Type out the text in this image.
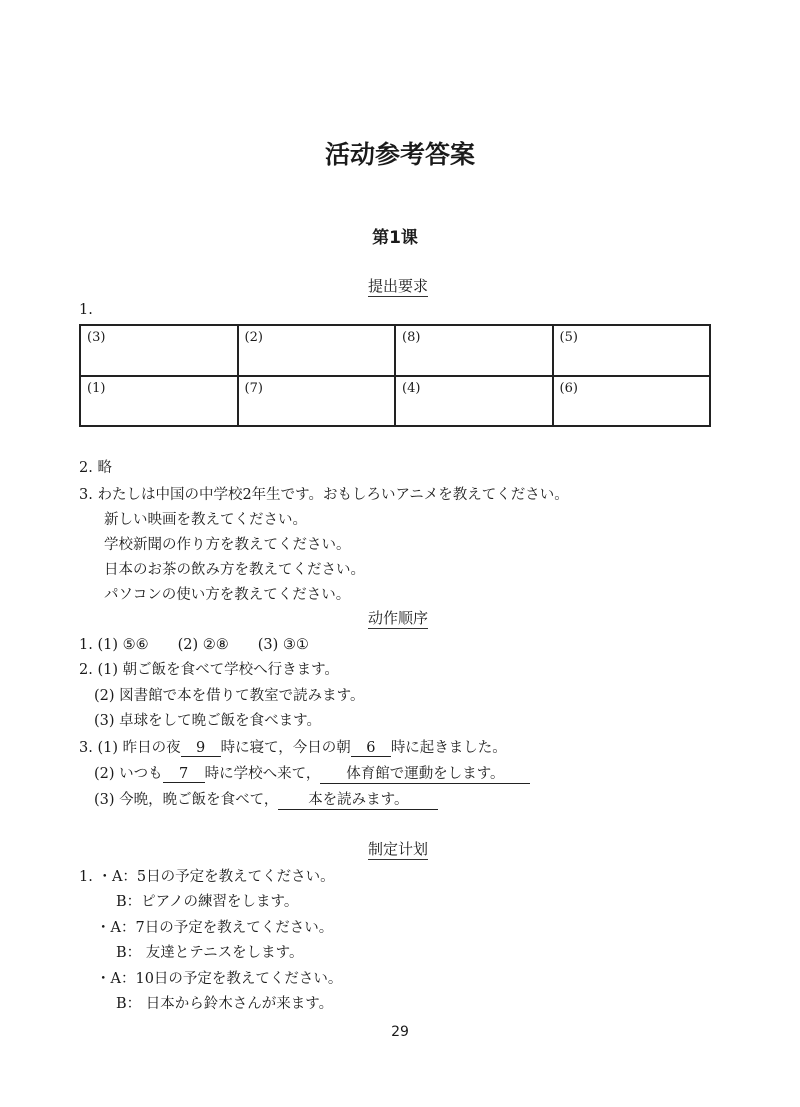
活动参考答案
第1课
提出要求
1.
(3)	(2)	(8)	(5)
(1)	(7)	(4)	(6)
2. 略
3. わたしは中国の中学校2年生です。おもしろいアニメを教えてください。
新しい映画を教えてください。
学校新聞の作り方を教えてください。
日本のお茶の飲み方を教えてください。
パソコンの使い方を教えてください。
动作顺序
1. (1) ⑤⑥　　(2) ②⑧　　(3) ③①
2. (1) 朝ご飯を食べて学校へ行きます。
(2) 図書館で本を借りて教室で読みます。
(3) 卓球をして晩ご飯を食べます。
3. (1) 昨日の夜 9 時に寝て，今日の朝 6 時に起きました。
(2) いつも 7 時に学校へ来て， 体育館で運動をします。
(3) 今晩，晩ご飯を食べて， 本を読みます。
制定计划
1. ・A：5日の予定を教えてください。
B：ピアノの練習をします。
・A：7日の予定を教えてください。
B： 友達とテニスをします。
・A：10日の予定を教えてください。
B： 日本から鈴木さんが来ます。
29
